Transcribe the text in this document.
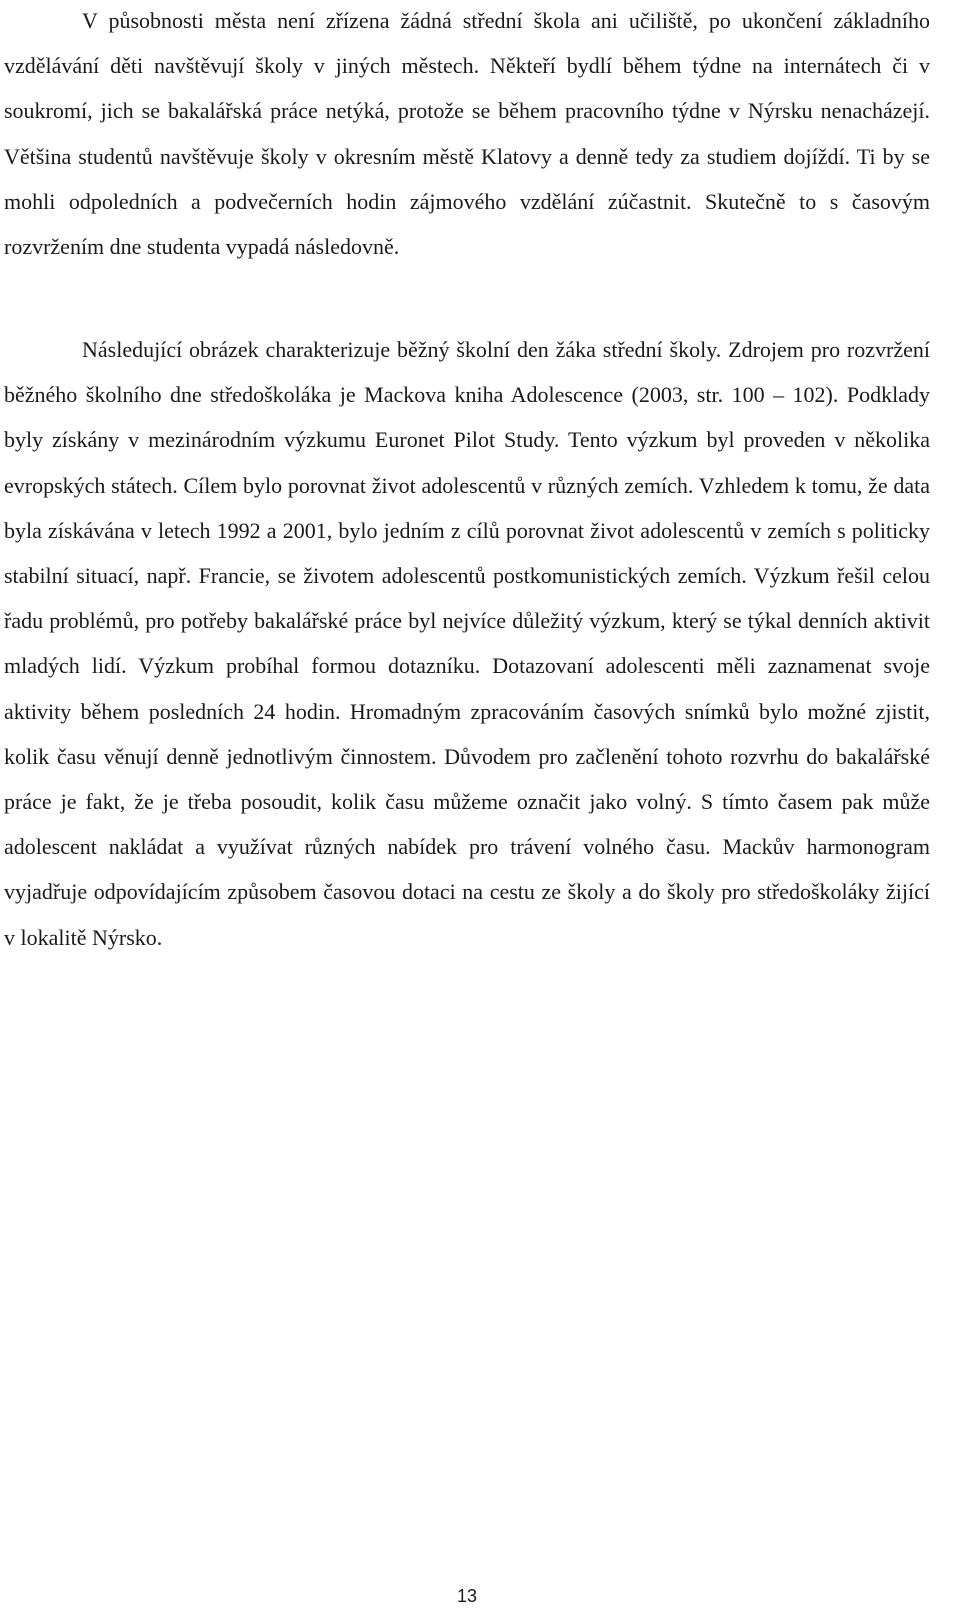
V působnosti města není zřízena žádná střední škola ani učiliště, po ukončení základního vzdělávání děti navštěvují školy v jiných městech. Někteří bydlí během týdne na internátech či v soukromí, jich se bakalářská práce netýká, protože se během pracovního týdne v Nýrsku nenacházejí. Většina studentů navštěvuje školy v okresním městě Klatovy a denně tedy za studiem dojíždí. Ti by se mohli odpoledních a podvečerních hodin zájmového vzdělání zúčastnit. Skutečně to s časovým rozvržením dne studenta vypadá následovně.

Následující obrázek charakterizuje běžný školní den žáka střední školy. Zdrojem pro rozvržení běžného školního dne středoškoláka je Mackova kniha Adolescence (2003, str. 100 – 102). Podklady byly získány v mezinárodním výzkumu Euronet Pilot Study. Tento výzkum byl proveden v několika evropských státech. Cílem bylo porovnat život adolescentů v různých zemích. Vzhledem k tomu, že data byla získávána v letech 1992 a 2001, bylo jedním z cílů porovnat život adolescentů v zemích s politicky stabilní situací, např. Francie, se životem adolescentů postkomunistických zemích. Výzkum řešil celou řadu problémů, pro potřeby bakalářské práce byl nejvíce důležitý výzkum, který se týkal denních aktivit mladých lidí. Výzkum probíhal formou dotazníku. Dotazovaní adolescenti měli zaznamenat svoje aktivity během posledních 24 hodin. Hromadným zpracováním časových snímků bylo možné zjistit, kolik času věnují denně jednotlivým činnostem. Důvodem pro začlenění tohoto rozvrhu do bakalářské práce je fakt, že je třeba posoudit, kolik času můžeme označit jako volný. S tímto časem pak může adolescent nakládat a využívat různých nabídek pro trávení volného času. Mackův harmonogram vyjadřuje odpovídajícím způsobem časovou dotaci na cestu ze školy a do školy pro středoškoláky žijící v lokalitě Nýrsko.

13
